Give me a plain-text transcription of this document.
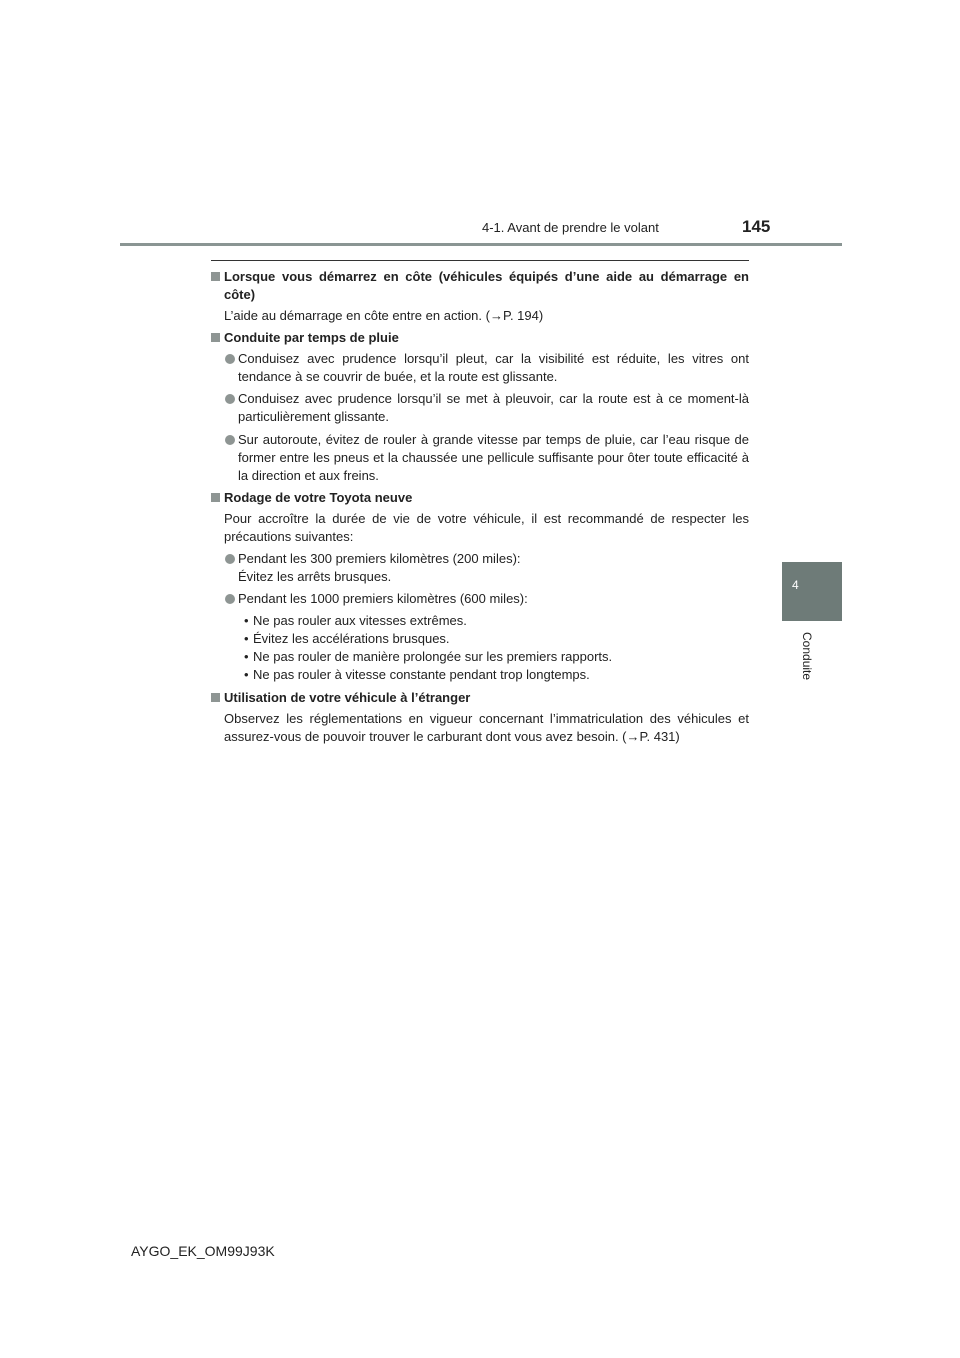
4-1. Avant de prendre le volant	145
4
Conduite
Lorsque vous démarrez en côte (véhicules équipés d’une aide au démarrage en côte)
L’aide au démarrage en côte entre en action. (→P. 194)
Conduite par temps de pluie
Conduisez avec prudence lorsqu’il pleut, car la visibilité est réduite, les vitres ont tendance à se couvrir de buée, et la route est glissante.
Conduisez avec prudence lorsqu’il se met à pleuvoir, car la route est à ce moment-là particulièrement glissante.
Sur autoroute, évitez de rouler à grande vitesse par temps de pluie, car l’eau risque de former entre les pneus et la chaussée une pellicule suffisante pour ôter toute efficacité à la direction et aux freins.
Rodage de votre Toyota neuve
Pour accroître la durée de vie de votre véhicule, il est recommandé de respecter les précautions suivantes:
Pendant les 300 premiers kilomètres (200 miles):
Évitez les arrêts brusques.
Pendant les 1000 premiers kilomètres (600 miles):
• Ne pas rouler aux vitesses extrêmes.
• Évitez les accélérations brusques.
• Ne pas rouler de manière prolongée sur les premiers rapports.
• Ne pas rouler à vitesse constante pendant trop longtemps.
Utilisation de votre véhicule à l’étranger
Observez les réglementations en vigueur concernant l’immatriculation des véhicules et assurez-vous de pouvoir trouver le carburant dont vous avez besoin. (→P. 431)
AYGO_EK_OM99J93K
